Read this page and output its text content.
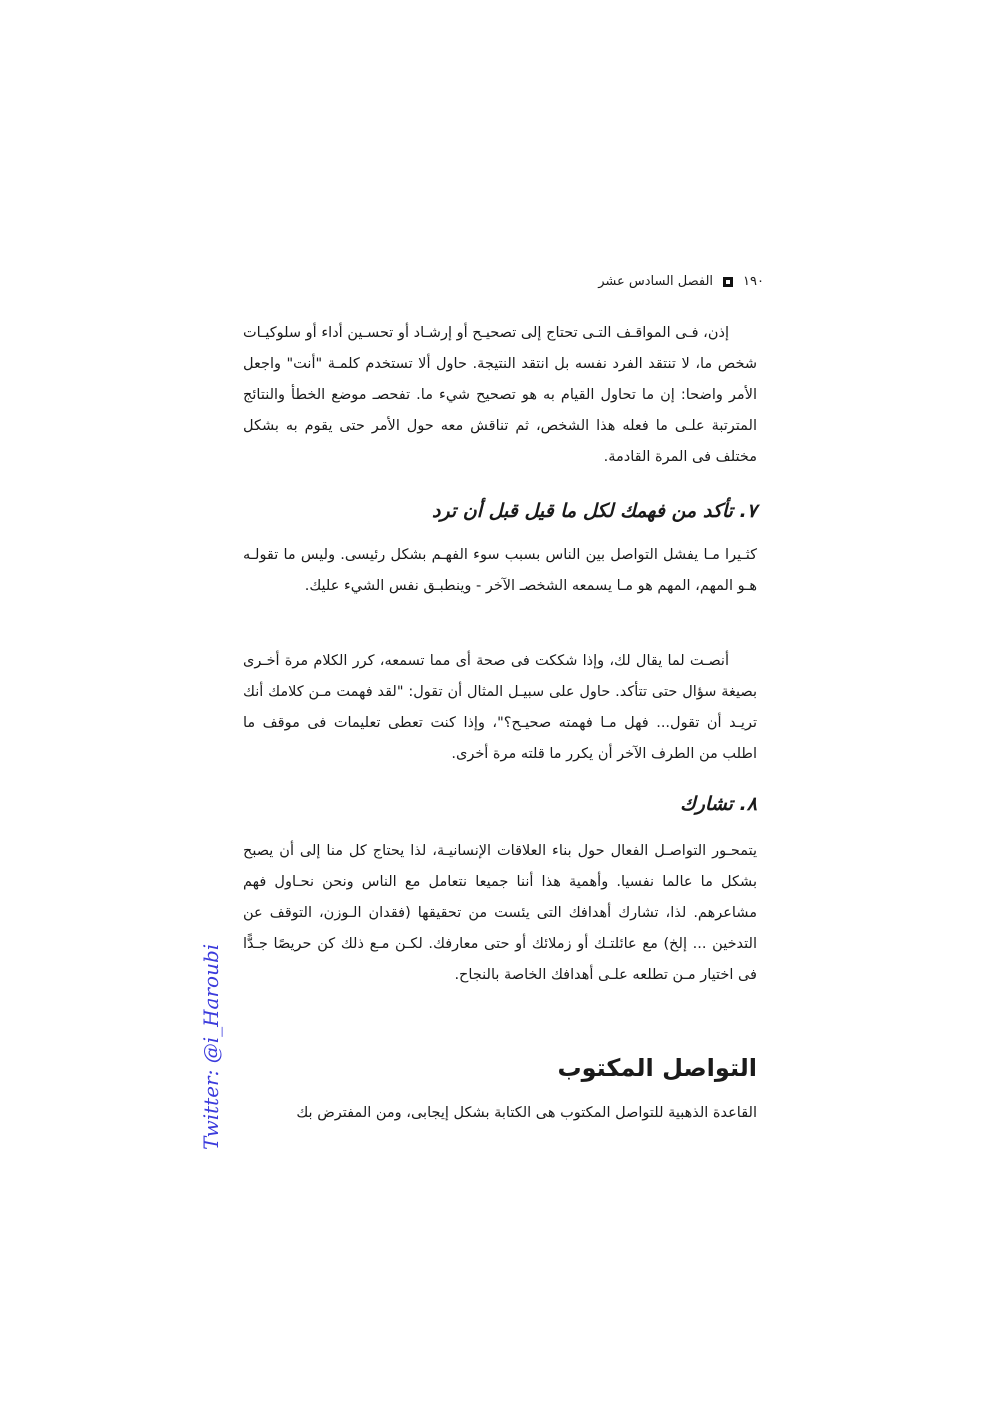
١٩٠
الفصل السادس عشر

إذن، فـى المواقـف التـى تحتاج إلى تصحيـح أو إرشـاد أو تحسـين أداء أو سلوكيـات شخص ما، لا تنتقد الفرد نفسه بل انتقد النتيجة. حاول ألا تستخدم كلمـة "أنت" واجعل الأمر واضحا: إن ما تحاول القيام به هو تصحيح شيء ما. تفحصـ موضع الخطأ والنتائج المترتبة علـى ما فعله هذا الشخص، ثم تناقش معه حول الأمر حتى يقوم به بشكل مختلف فى المرة القادمة.

٧. تأكد من فهمك لكل ما قيل قبل أن ترد

كثـيرا مـا يفشل التواصل بين الناس بسبب سوء الفهـم بشكل رئيسى. وليس ما تقولـه هـو المهم، المهم هو مـا يسمعه الشخصـ الآخر - وينطبـق نفس الشيء عليك.

أنصـت لما يقال لك، وإذا شككت فى صحة أى مما تسمعه، كرر الكلام مرة أخـرى بصيغة سؤال حتى تتأكد. حاول على سبيـل المثال أن تقول: "لقد فهمت مـن كلامك أنك تريـد أن تقول... فهل مـا فهمته صحيـح؟"، وإذا كنت تعطى تعليمات فى موقف ما اطلب من الطرف الآخر أن يكرر ما قلته مرة أخرى.

٨. تشارك

يتمحـور التواصـل الفعال حول بناء العلاقات الإنسانيـة، لذا يحتاج كل منا إلى أن يصبح بشكل ما عالما نفسيا. وأهمية هذا أننا جميعا نتعامل مع الناس ونحن نحـاول فهم مشاعرهم. لذا، تشارك أهدافك التى يئست من تحقيقها (فقدان الـوزن، التوقف عن التدخين ... إلخ) مع عائلتـك أو زملائك أو حتى معارفك. لكـن مـع ذلك كن حريصًا جـدًّا فى اختيار مـن تطلعه علـى أهدافك الخاصة بالنجاح.

التواصل المكتوب

القاعدة الذهبية للتواصل المكتوب هى الكتابة بشكل إيجابى، ومن المفترض بك

Twitter: @i_Haroubi
